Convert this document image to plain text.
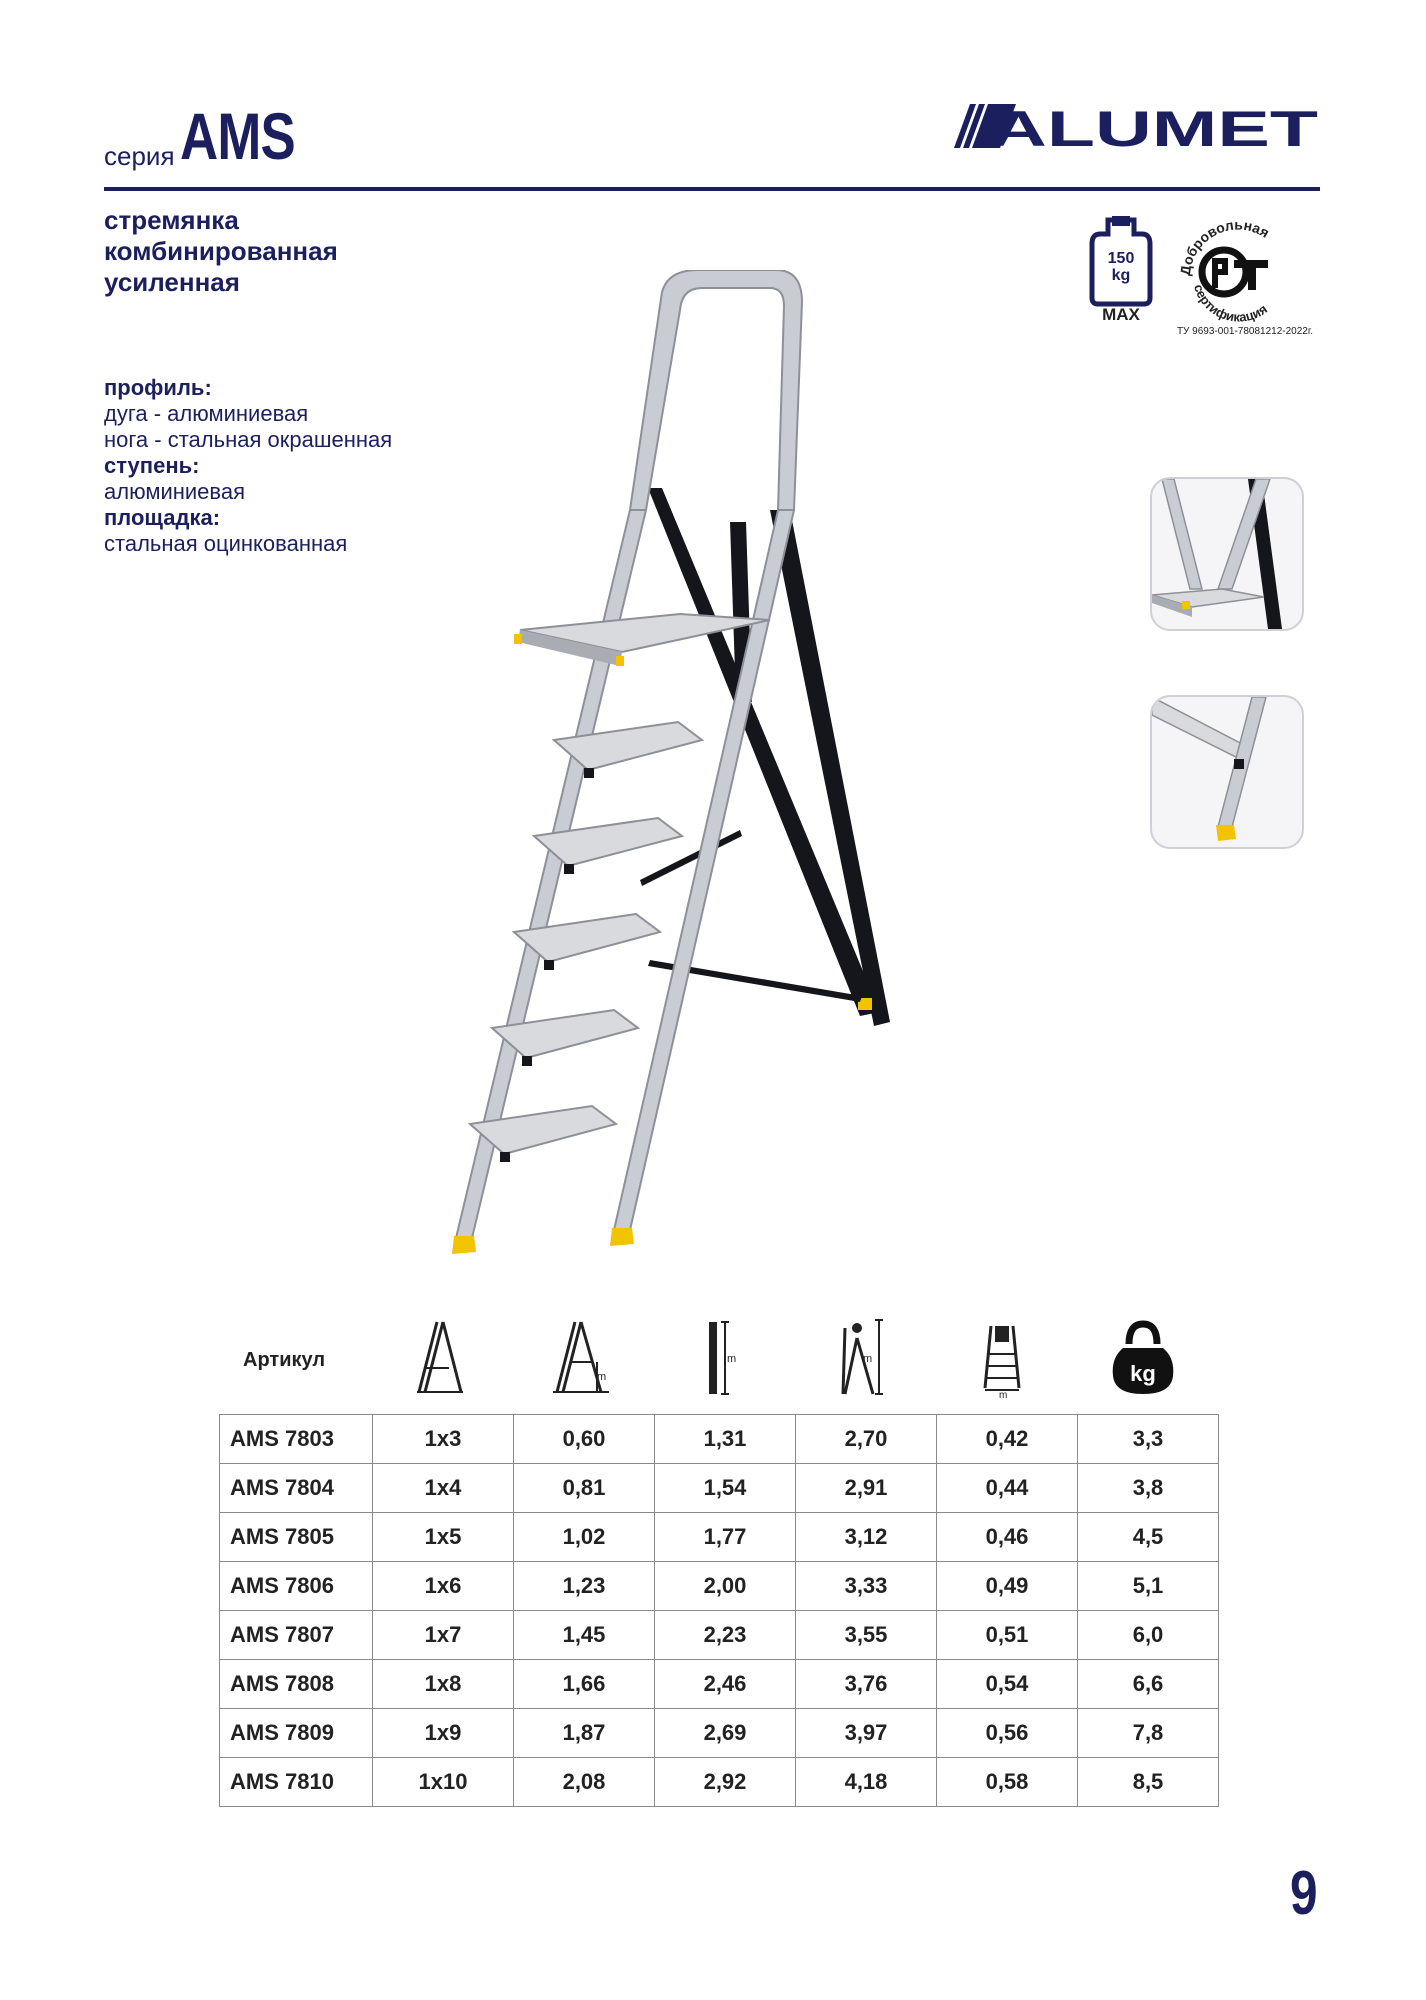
серия AMS	ALUMET
стремянка
комбинированная
усиленная
профиль:
дуга - алюминиевая
нога - стальная окрашенная
ступень:
алюминиевая
площадка:
стальная оцинкованная
150
kg
MAX
Добровольная
сертификация
ТУ 9693-001-78081212-2022г.
Артикул
m
m	m
m
kg
AMS 7803	1x3	0,60	1,31	2,70	0,42	3,3
AMS 7804	1x4	0,81	1,54	2,91	0,44	3,8
AMS 7805	1x5	1,02	1,77	3,12	0,46	4,5
AMS 7806	1x6	1,23	2,00	3,33	0,49	5,1
AMS 7807	1x7	1,45	2,23	3,55	0,51	6,0
AMS 7808	1x8	1,66	2,46	3,76	0,54	6,6
AMS 7809	1x9	1,87	2,69	3,97	0,56	7,8
AMS 7810	1x10	2,08	2,92	4,18	0,58	8,5
9
